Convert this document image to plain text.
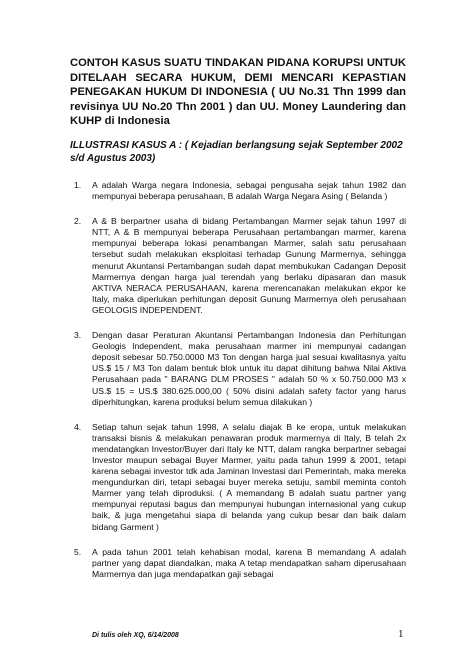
CONTOH KASUS SUATU TINDAKAN PIDANA KORUPSI UNTUK DITELAAH SECARA HUKUM, DEMI MENCARI KEPASTIAN PENEGAKAN HUKUM DI INDONESIA ( UU No.31 Thn 1999 dan revisinya UU No.20 Thn 2001 ) dan UU. Money Laundering dan KUHP di Indonesia

ILLUSTRASI KASUS A : ( Kejadian berlangsung sejak September 2002 s/d Agustus 2003)

1.	A adalah Warga negara Indonesia, sebagai pengusaha sejak tahun 1982 dan mempunyai beberapa perusahaan, B adalah Warga Negara Asing ( Belanda )
2.	A & B berpartner usaha di bidang Pertambangan Marmer sejak tahun 1997 di NTT, A & B mempunyai beberapa Perusahaan pertambangan marmer, karena mempunyai beberapa lokasi penambangan Marmer, salah satu perusahaan tersebut sudah melakukan eksploitasi terhadap Gunung Marmernya, sehingga menurut Akuntansi Pertambangan sudah dapat membukukan Cadangan Deposit Marmernya dengan harga jual terendah yang berlaku dipasaran dan masuk AKTIVA NERACA PERUSAHAAN, karena merencanakan melakukan ekpor ke Italy, maka diperlukan perhitungan deposit Gunung Marmernya oleh perusahaan GEOLOGIS INDEPENDENT.
3.	Dengan dasar Peraturan Akuntansi Pertambangan Indonesia dan Perhitungan Geologis Independent, maka perusahaan marmer ini mempunyai cadangan deposit sebesar 50.750.0000 M3 Ton dengan harga jual sesuai kwalitasnya yaitu US.$ 15 / M3 Ton dalam bentuk blok untuk itu dapat dihitung bahwa Nilai Aktiva Perusahaan pada " BARANG DLM PROSES " adalah 50 % x 50.750.000 M3 x US.$ 15 = US.$ 380.625.000,00 ( 50% disini adalah safety factor yang harus diperhitungkan, karena produksi belum semua dilakukan )
4.	Setiap tahun sejak tahun 1998, A selalu diajak B ke eropa, untuk melakukan transaksi bisnis & melakukan penawaran produk marmernya di Italy, B telah 2x mendatangkan Investor/Buyer dari Italy ke NTT, dalam rangka berpartner sebagai Investor maupun sebagai Buyer Marmer, yaitu pada tahun 1999 & 2001, tetapi karena sebagai investor tdk ada Jaminan Investasi dari Pemerintah, maka mereka mengundurkan diri, tetapi sebagai buyer mereka setuju, sambil meminta contoh Marmer yang telah diproduksi. ( A memandang B adalah suatu partner yang mempunyai reputasi bagus dan mempunyai hubungan internasional yang cukup baik, & juga mengetahui siapa di belanda yang cukup besar dan baik dalam bidang Garment )
5.	A pada tahun 2001 telah kehabisan modal, karena B memandang A adalah partner yang dapat diandalkan, maka A tetap mendapatkan saham diperusahaan Marmernya dan juga mendapatkan gaji sebagai
Di tulis oleh XQ, 6/14/2008	1
